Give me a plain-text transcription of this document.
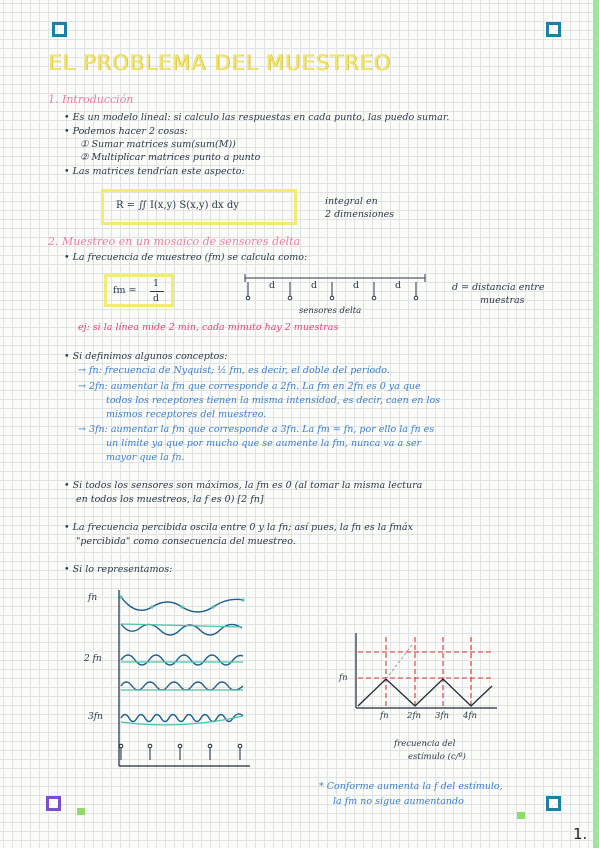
EL PROBLEMA DEL MUESTREO
1. Introducción
• Es un modelo lineal: si calculo las respuestas en cada punto, las puedo sumar.
• Podemos hacer 2 cosas:
① Sumar matrices sum(sum(M))
② Multiplicar matrices punto a punto
• Las matrices tendrían este aspecto:
R = ∬ I(x,y) S(x,y) dx dy	integral en
2 dimensiones
2. Muestreo en un mosaico de sensores delta
• La frecuencia de muestreo (fm) se calcula como:
fm =
1
d
d	d	d	d
sensores delta
d = distancia entre
muestras
ej: si la línea mide 2 min, cada minuto hay 2 muestras
• Si definimos algunos conceptos:
→ fn: frecuencia de Nyquist; ½ fm, es decir, el doble del período.
→ 2fn: aumentar la fm que corresponde a 2fn. La fm en 2fn es 0 ya que
todos los receptores tienen la misma intensidad, es decir, caen en los
mismos receptores del muestreo.
→ 3fn: aumentar la fm que corresponde a 3fn. La fm = fn, por ello la fn es
un límite ya que por mucho que se aumente la fm, nunca va a ser
mayor que la fn.
• Si todos los sensores son máximos, la fm es 0 (al tomar la misma lectura
en todos los muestreos, la f es 0) [2 fn]
• La frecuencia percibida oscila entre 0 y la fn; así pues, la fn es la fmáx
"percibida" como consecuencia del muestreo.
• Si lo representamos:
fn
2 fn
3fn
fn
fn 2fn 3fn 4fn
frecuencia del
estímulo (c/º)
* Conforme aumenta la f del estímulo,
la fm no sigue aumentando
1.
